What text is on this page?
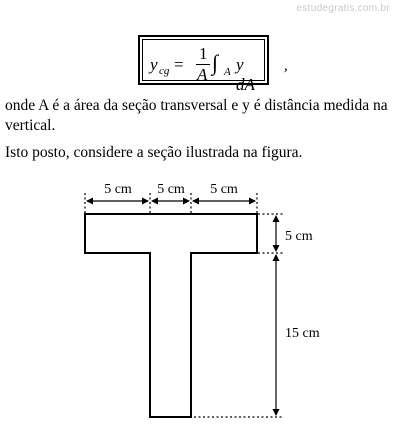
estudegratis.com.br
y cg =
1
A ∫ A y dA
,

onde A é a área da seção transversal e y é distância medida na vertical.

Isto posto, considere a seção ilustrada na figura.

5 cm 5 cm 5 cm
5 cm
15 cm
